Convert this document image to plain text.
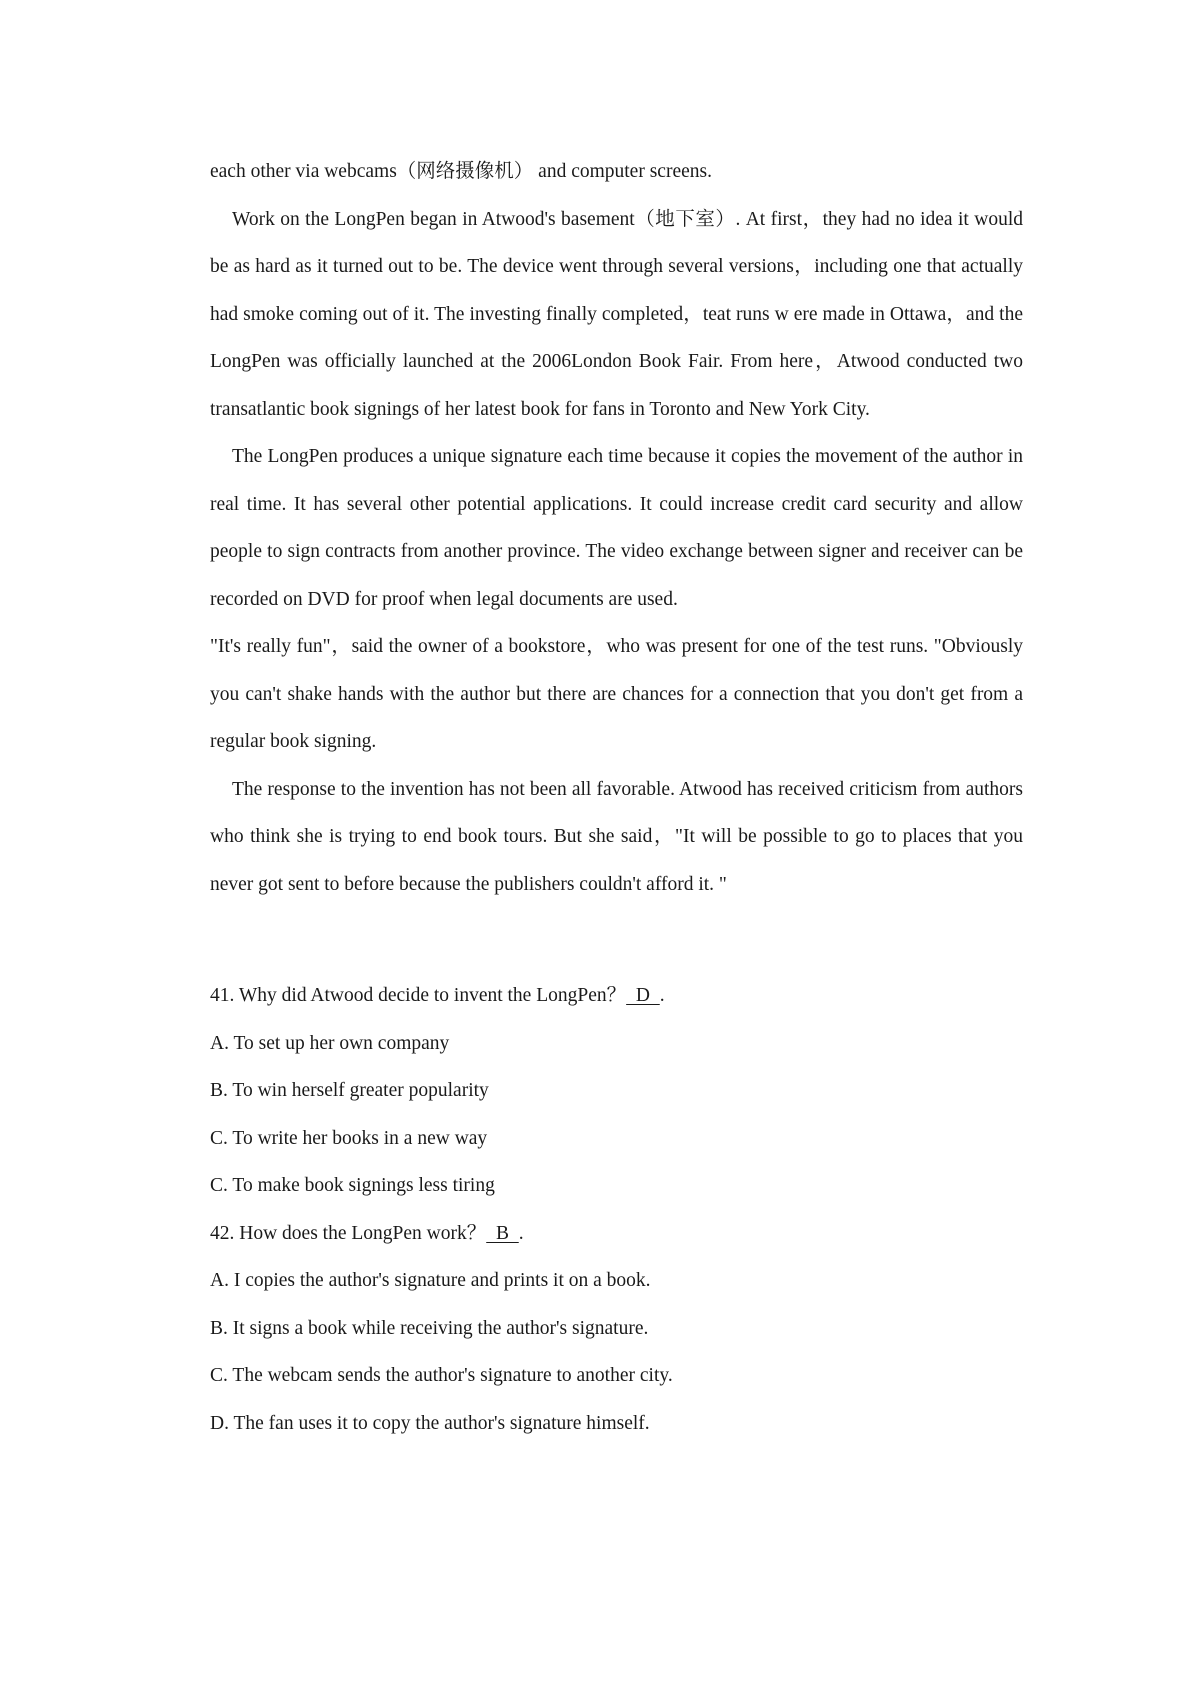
each other via webcams（网络摄像机） and computer screens.

Work on the LongPen began in Atwood's basement（地下室）. At first，they had no idea it would be as hard as it turned out to be. The device went through several versions，including one that actually had smoke coming out of it. The investing finally completed，teat runs w ere made in Ottawa，and the LongPen was officially launched at the 2006London Book Fair. From here，Atwood conducted two transatlantic book signings of her latest book for fans in Toronto and New York City.

The LongPen produces a unique signature each time because it copies the movement of the author in real time. It has several other potential applications. It could increase credit card security and allow people to sign contracts from another province. The video exchange between signer and receiver can be recorded on DVD for proof when legal documents are used.

"It's really fun"，said the owner of a bookstore，who was present for one of the test runs. "Obviously you can't shake hands with the author but there are chances for a connection that you don't get from a regular book signing.

The response to the invention has not been all favorable. Atwood has received criticism from authors who think she is trying to end book tours. But she said，"It will be possible to go to places that you never got sent to before because the publishers couldn't afford it. "

41. Why did Atwood decide to invent the LongPen？  D  .

A. To set up her own company

B. To win herself greater popularity

C. To write her books in a new way

C. To make book signings less tiring

42. How does the LongPen work？  B  .

A. I copies the author's signature and prints it on a book.

B. It signs a book while receiving the author's signature.

C. The webcam sends the author's signature to another city.

D. The fan uses it to copy the author's signature himself.
